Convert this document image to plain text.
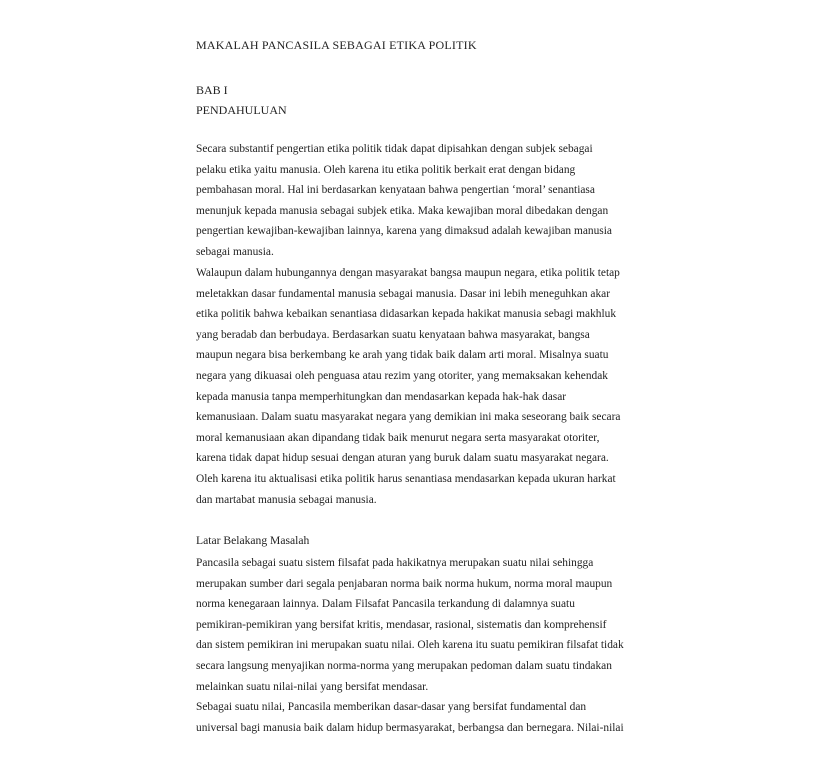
MAKALAH PANCASILA SEBAGAI ETIKA POLITIK
BAB I
PENDAHULUAN
Secara substantif pengertian etika politik tidak dapat dipisahkan dengan subjek sebagai
pelaku etika yaitu manusia. Oleh karena itu etika politik berkait erat dengan bidang
pembahasan moral. Hal ini berdasarkan kenyataan bahwa pengertian ‘moral’ senantiasa
menunjuk kepada manusia sebagai subjek etika. Maka kewajiban moral dibedakan dengan
pengertian kewajiban-kewajiban lainnya, karena yang dimaksud adalah kewajiban manusia
sebagai manusia.
Walaupun dalam hubungannya dengan masyarakat bangsa maupun negara, etika politik tetap
meletakkan dasar fundamental manusia sebagai manusia. Dasar ini lebih meneguhkan akar
etika politik bahwa kebaikan senantiasa didasarkan kepada hakikat manusia sebagi makhluk
yang beradab dan berbudaya. Berdasarkan suatu kenyataan bahwa masyarakat, bangsa
maupun negara bisa berkembang ke arah yang tidak baik dalam arti moral. Misalnya suatu
negara yang dikuasai oleh penguasa atau rezim yang otoriter, yang memaksakan kehendak
kepada manusia tanpa memperhitungkan dan mendasarkan kepada hak-hak dasar
kemanusiaan. Dalam suatu masyarakat negara yang demikian ini maka seseorang baik secara
moral kemanusiaan akan dipandang tidak baik menurut negara serta masyarakat otoriter,
karena tidak dapat hidup sesuai dengan aturan yang buruk dalam suatu masyarakat negara.
Oleh karena itu aktualisasi etika politik harus senantiasa mendasarkan kepada ukuran harkat
dan martabat manusia sebagai manusia.
Latar Belakang Masalah
Pancasila sebagai suatu sistem filsafat pada hakikatnya merupakan suatu nilai sehingga
merupakan sumber dari segala penjabaran norma baik norma hukum, norma moral maupun
norma kenegaraan lainnya. Dalam Filsafat Pancasila terkandung di dalamnya suatu
pemikiran-pemikiran yang bersifat kritis, mendasar, rasional, sistematis dan komprehensif
dan sistem pemikiran ini merupakan suatu nilai. Oleh karena itu suatu pemikiran filsafat tidak
secara langsung menyajikan norma-norma yang merupakan pedoman dalam suatu tindakan
melainkan suatu nilai-nilai yang bersifat mendasar.
Sebagai suatu nilai, Pancasila memberikan dasar-dasar yang bersifat fundamental dan
universal bagi manusia baik dalam hidup bermasyarakat, berbangsa dan bernegara. Nilai-nilai
